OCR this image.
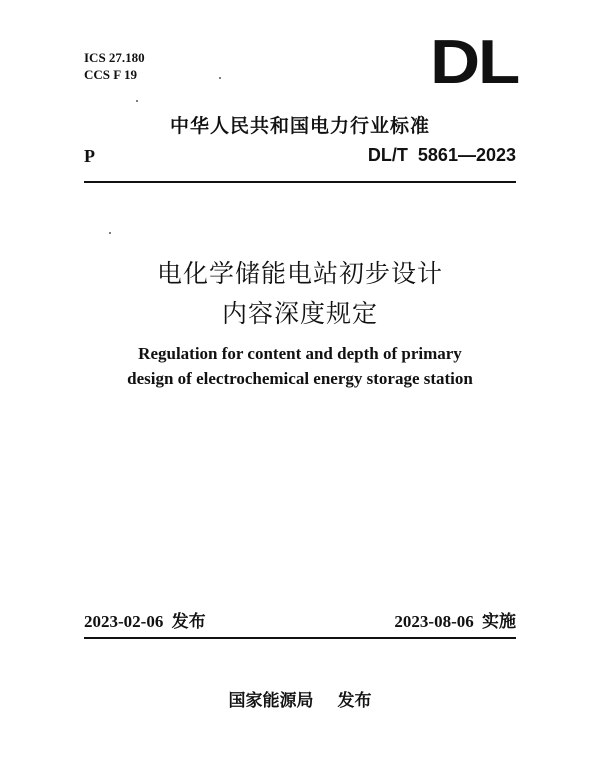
ICS 27.180
CCS F 19	DL
中华人民共和国电力行业标准
P	DL/T  5861—2023
电化学储能电站初步设计
内容深度规定
Regulation for content and depth of primary
design of electrochemical energy storage station
2023-02-06 发布	2023-08-06 实施
国家能源局 发布
